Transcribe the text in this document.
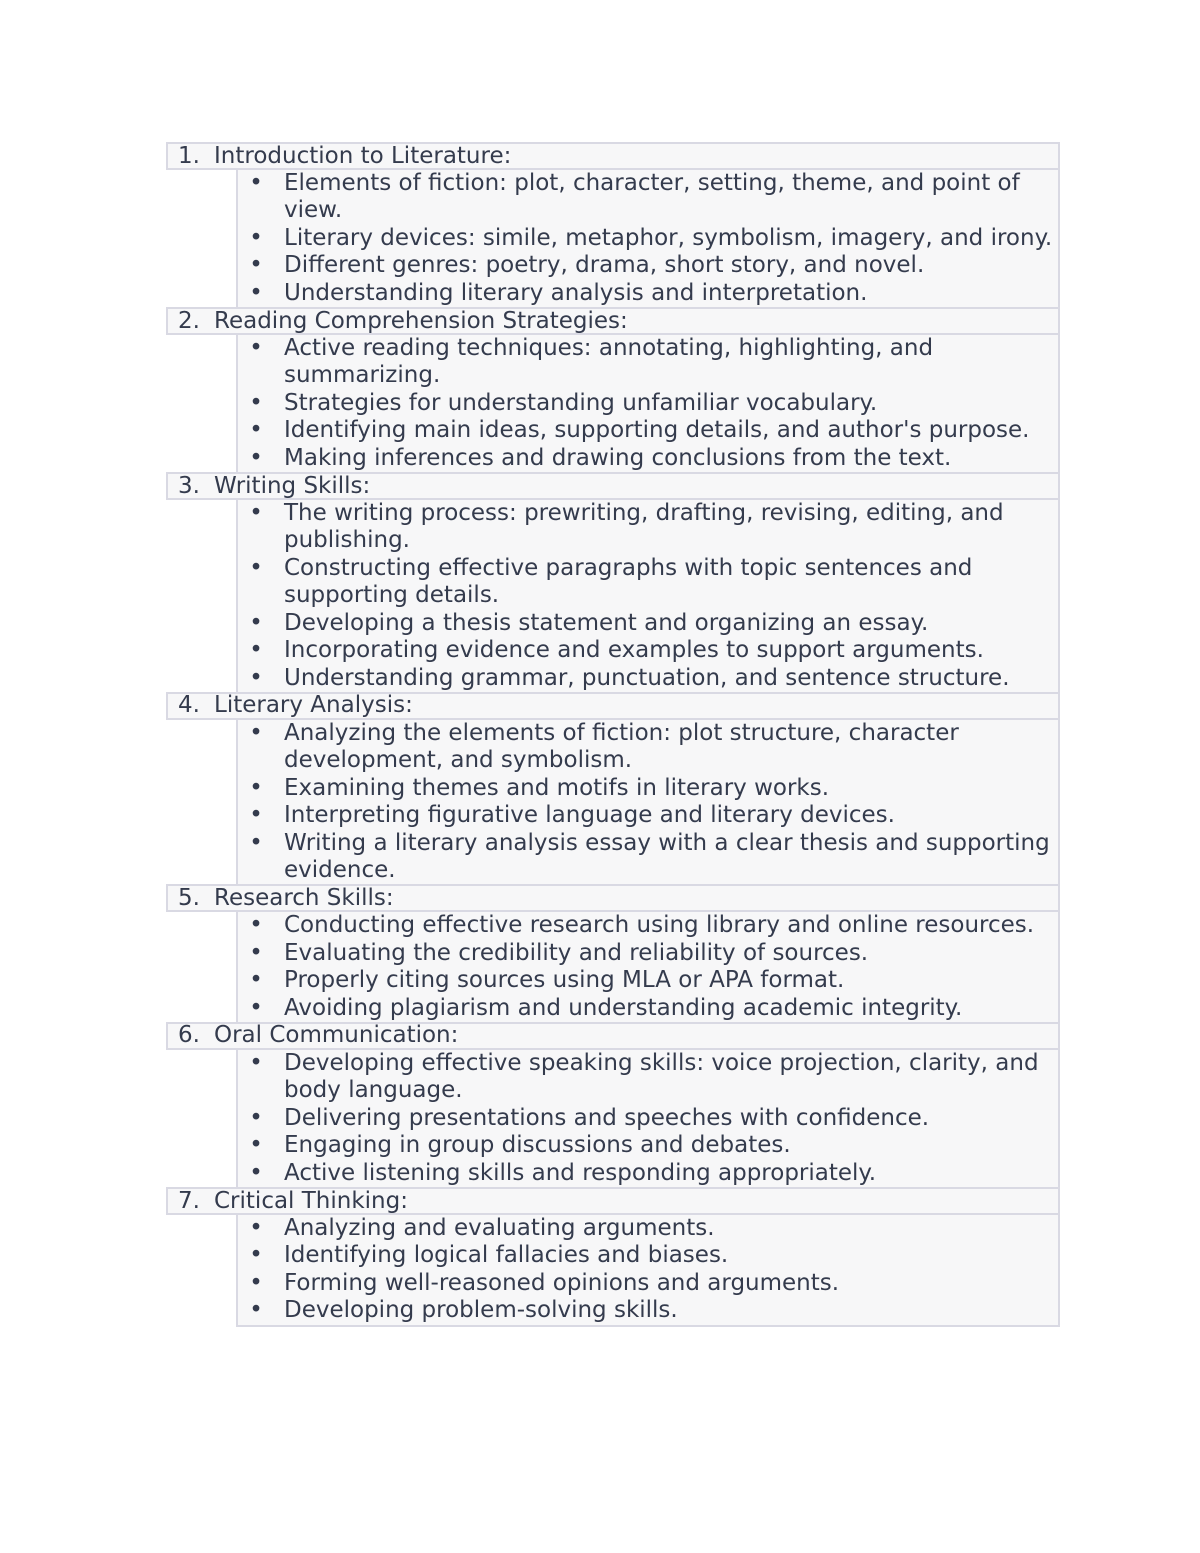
1. Introduction to Literature:
• Elements of fiction: plot, character, setting, theme, and point of view.
• Literary devices: simile, metaphor, symbolism, imagery, and irony.
• Different genres: poetry, drama, short story, and novel.
• Understanding literary analysis and interpretation.
2. Reading Comprehension Strategies:
• Active reading techniques: annotating, highlighting, and summarizing.
• Strategies for understanding unfamiliar vocabulary.
• Identifying main ideas, supporting details, and author's purpose.
• Making inferences and drawing conclusions from the text.
3. Writing Skills:
• The writing process: prewriting, drafting, revising, editing, and publishing.
• Constructing effective paragraphs with topic sentences and supporting details.
• Developing a thesis statement and organizing an essay.
• Incorporating evidence and examples to support arguments.
• Understanding grammar, punctuation, and sentence structure.
4. Literary Analysis:
• Analyzing the elements of fiction: plot structure, character development, and symbolism.
• Examining themes and motifs in literary works.
• Interpreting figurative language and literary devices.
• Writing a literary analysis essay with a clear thesis and supporting evidence.
5. Research Skills:
• Conducting effective research using library and online resources.
• Evaluating the credibility and reliability of sources.
• Properly citing sources using MLA or APA format.
• Avoiding plagiarism and understanding academic integrity.
6. Oral Communication:
• Developing effective speaking skills: voice projection, clarity, and body language.
• Delivering presentations and speeches with confidence.
• Engaging in group discussions and debates.
• Active listening skills and responding appropriately.
7. Critical Thinking:
• Analyzing and evaluating arguments.
• Identifying logical fallacies and biases.
• Forming well-reasoned opinions and arguments.
• Developing problem-solving skills.
